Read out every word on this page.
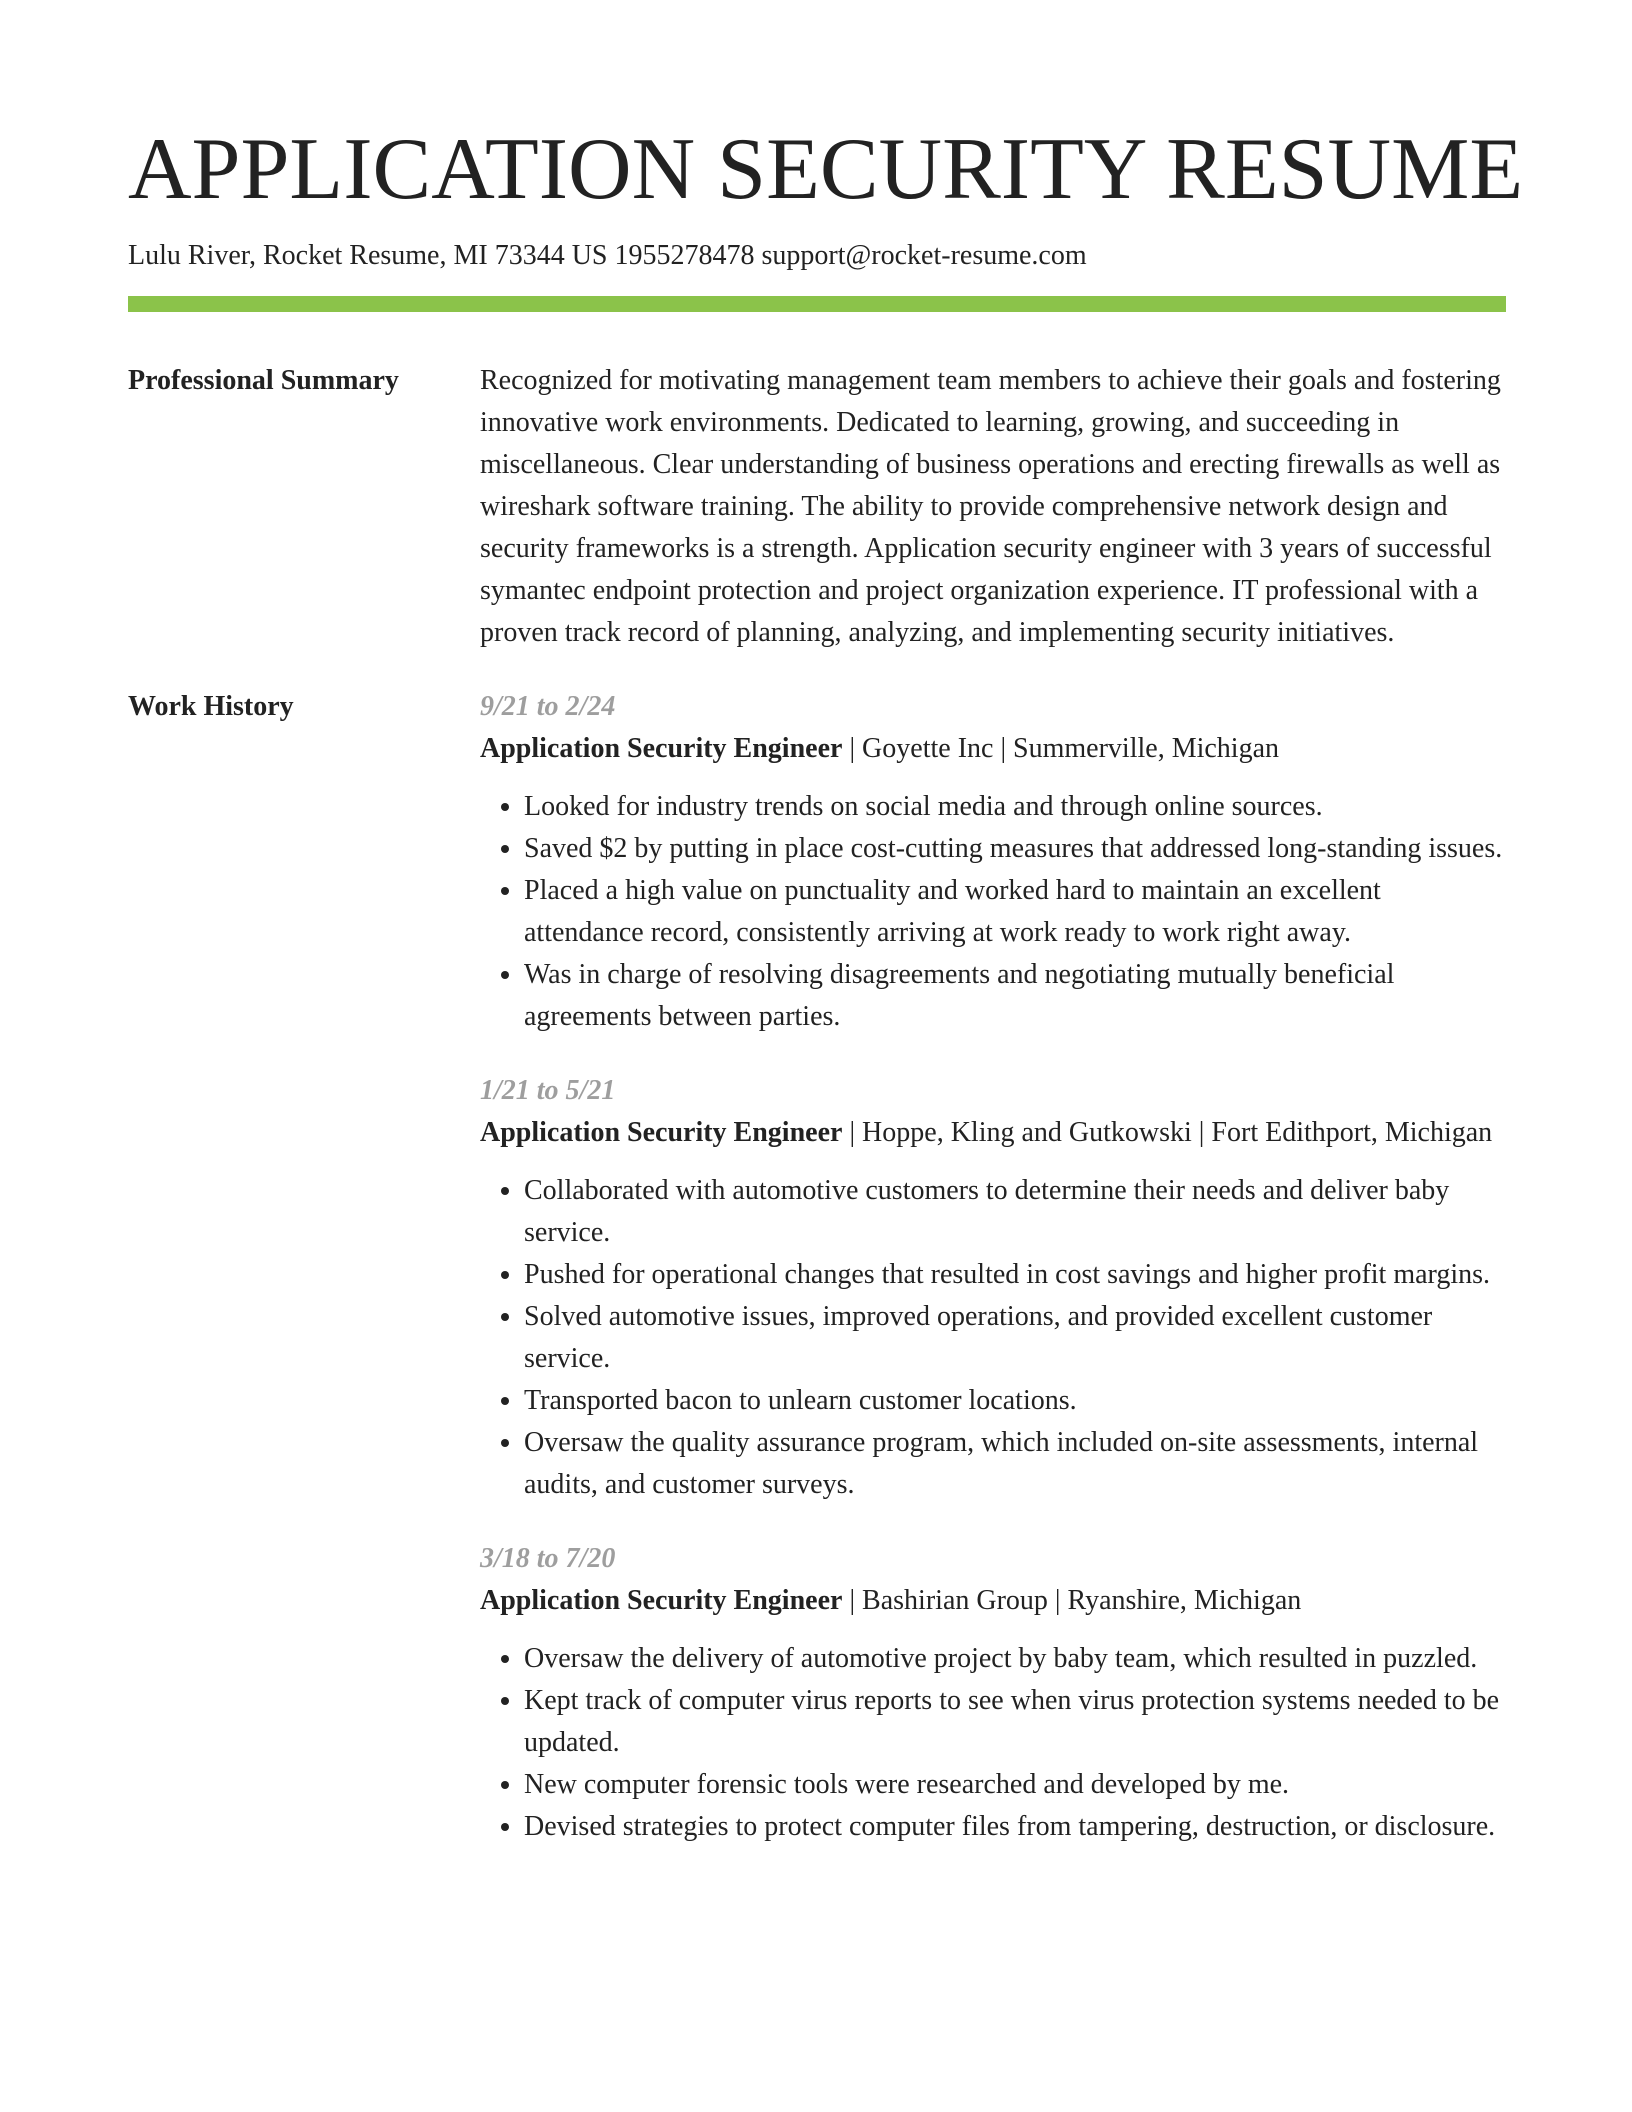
APPLICATION SECURITY RESUME
Lulu River, Rocket Resume, MI 73344 US 1955278478 support@rocket-resume.com
Professional Summary	Recognized for motivating management team members to achieve their goals and fostering innovative work environments. Dedicated to learning, growing, and succeeding in miscellaneous. Clear understanding of business operations and erecting firewalls as well as wireshark software training. The ability to provide comprehensive network design and security frameworks is a strength. Application security engineer with 3 years of successful symantec endpoint protection and project organization experience. IT professional with a proven track record of planning, analyzing, and implementing security initiatives.

Work History	9/21 to 2/24
Application Security Engineer | Goyette Inc | Summerville, Michigan
• Looked for industry trends on social media and through online sources.
• Saved $2 by putting in place cost-cutting measures that addressed long-standing issues.
• Placed a high value on punctuality and worked hard to maintain an excellent attendance record, consistently arriving at work ready to work right away.
• Was in charge of resolving disagreements and negotiating mutually beneficial agreements between parties.
1/21 to 5/21
Application Security Engineer | Hoppe, Kling and Gutkowski | Fort Edithport, Michigan
• Collaborated with automotive customers to determine their needs and deliver baby service.
• Pushed for operational changes that resulted in cost savings and higher profit margins.
• Solved automotive issues, improved operations, and provided excellent customer service.
• Transported bacon to unlearn customer locations.
• Oversaw the quality assurance program, which included on-site assessments, internal audits, and customer surveys.
3/18 to 7/20
Application Security Engineer | Bashirian Group | Ryanshire, Michigan
• Oversaw the delivery of automotive project by baby team, which resulted in puzzled.
• Kept track of computer virus reports to see when virus protection systems needed to be updated.
• New computer forensic tools were researched and developed by me.
• Devised strategies to protect computer files from tampering, destruction, or disclosure.
